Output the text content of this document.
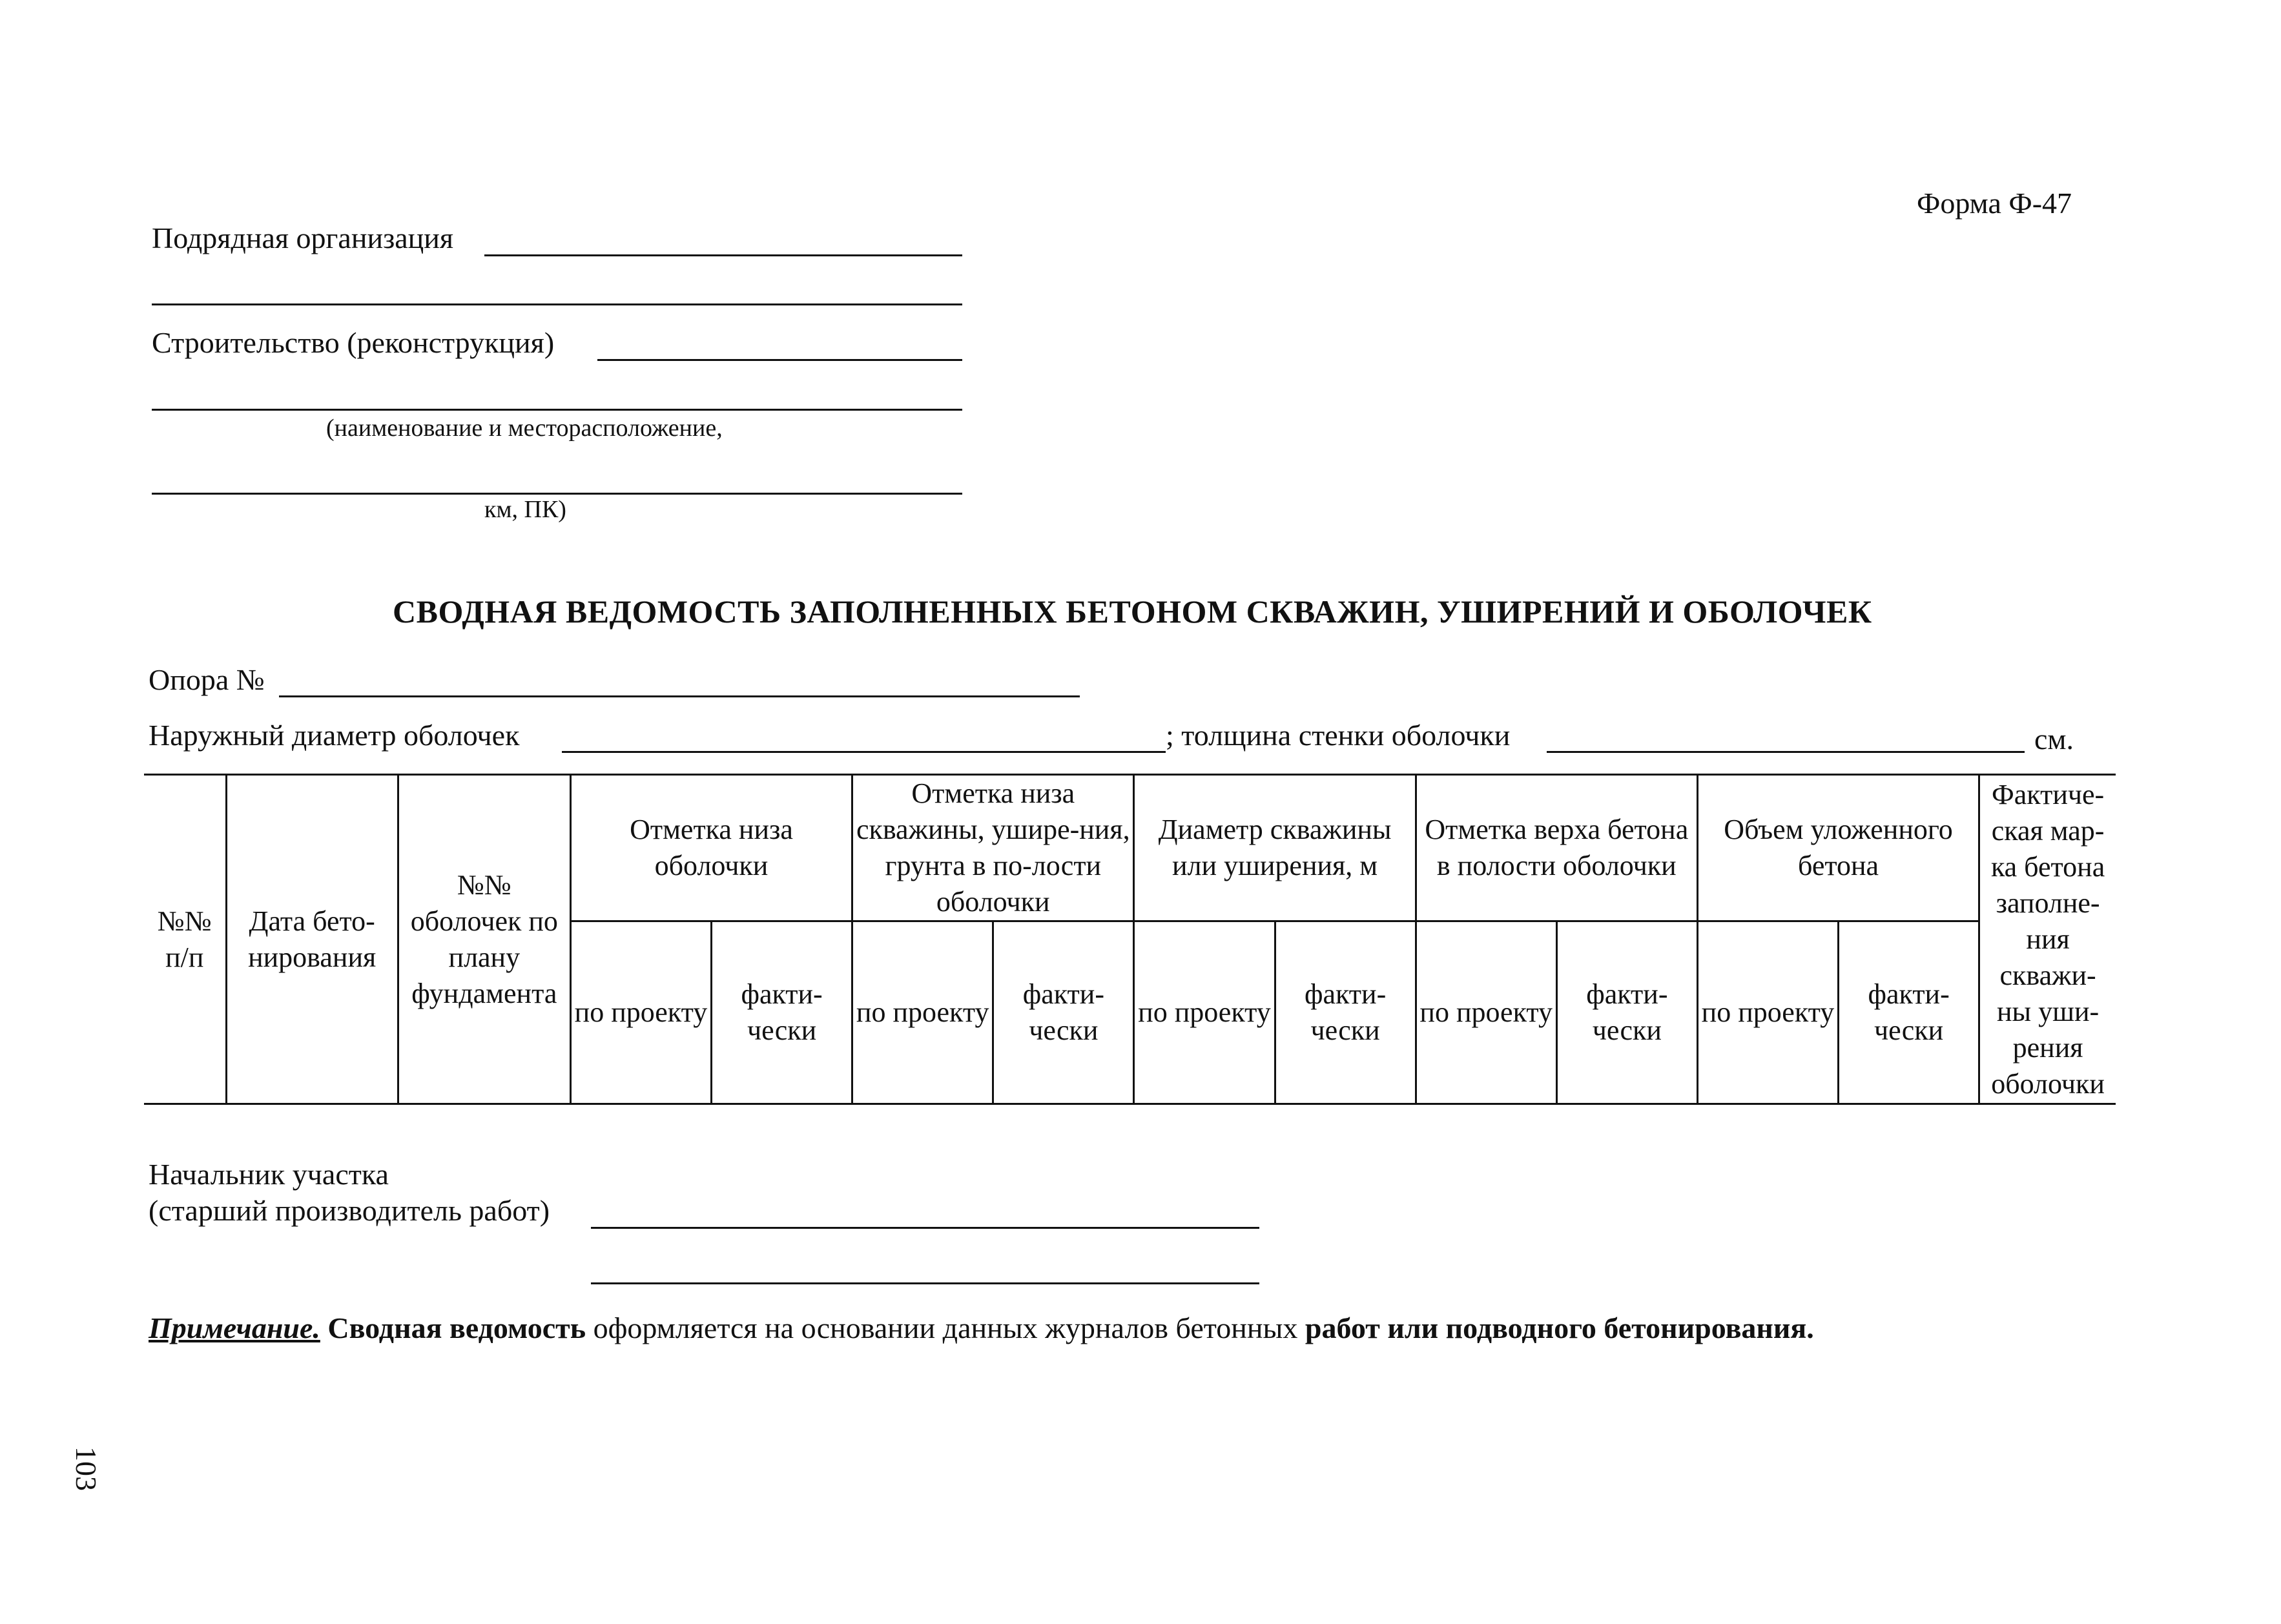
Форма Ф-47
Подрядная организация
Строительство (реконструкция)
(наименование и месторасположение,
км, ПК)
СВОДНАЯ ВЕДОМОСТЬ ЗАПОЛНЕННЫХ БЕТОНОМ СКВАЖИН, УШИРЕНИЙ И ОБОЛОЧЕК
Опора №
Наружный диаметр оболочек	; толщина стенки оболочки	см.
№№ п/п	Дата бето-нирования	№№ оболочек по плану фундамента	Отметка низа оболочки		Отметка низа скважины, ушире-ния, грунта в по-лости оболочки		Диаметр скважины или уширения, м		Отметка верха бетона в полости оболочки		Объем уложенного бетона		Фактиче-ская мар-ка бетона заполне-ния скважи-ны уши-рения оболочки
			по проекту	факти-чески	по проекту	факти-чески	по проекту	факти-чески	по проекту	факти-чески	по проекту	факти-чески	
Начальник участка
(старший производитель работ)
Примечание. Сводная ведомость оформляется на основании данных журналов бетонных работ или подводного бетонирования.
103
